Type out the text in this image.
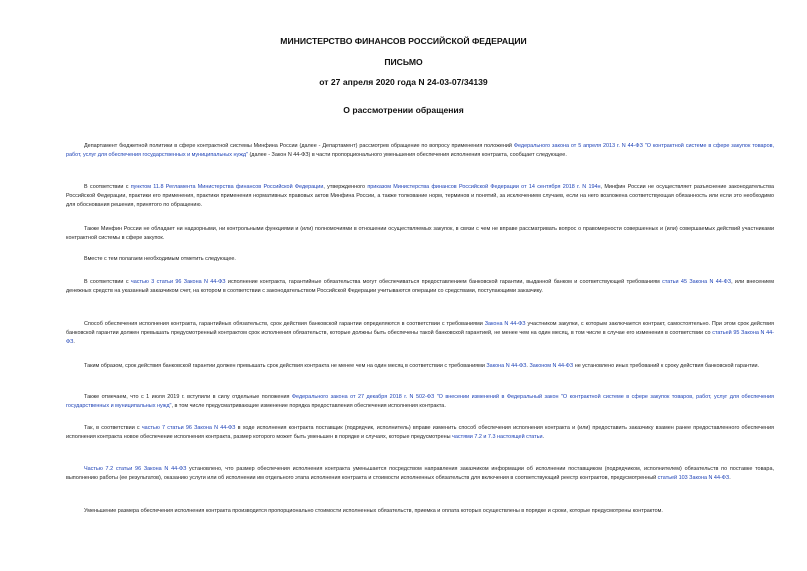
МИНИСТЕРСТВО ФИНАНСОВ РОССИЙСКОЙ ФЕДЕРАЦИИ
ПИСЬМО
от 27 апреля 2020 года N 24-03-07/34139
О рассмотрении обращения
Департамент бюджетной политики в сфере контрактной системы Минфина России (далее - Департамент) рассмотрев обращение по вопросу применения положений Федерального закона от 5 апреля 2013 г. N 44-ФЗ "О контрактной системе в сфере закупок товаров, работ, услуг для обеспечения государственных и муниципальных нужд" (далее - Закон N 44-ФЗ) в части пропорционального уменьшения обеспечения исполнения контракта, сообщает следующее.
В соответствии с пунктом 11.8 Регламента Министерства финансов Российской Федерации, утвержденного приказом Министерства финансов Российской Федерации от 14 сентября 2018 г. N 194н, Минфин России не осуществляет разъяснение законодательства Российской Федерации, практики его применения, практики применения нормативных правовых актов Минфина России, а также толкование норм, терминов и понятий, за исключением случаев, если на него возложена соответствующая обязанность или если это необходимо для обоснования решения, принятого по обращению.
Также Минфин России не обладает ни надзорными, ни контрольными функциями и (или) полномочиями в отношении осуществляемых закупок, в связи с чем не вправе рассматривать вопрос о правомерности совершенных и (или) совершаемых действий участниками контрактной системы в сфере закупок.
Вместе с тем полагаем необходимым отметить следующее.
В соответствии с частью 3 статьи 96 Закона N 44-ФЗ исполнение контракта, гарантийные обязательства могут обеспечиваться предоставлением банковской гарантии, выданной банком и соответствующей требованиям статьи 45 Закона N 44-ФЗ, или внесением денежных средств на указанный заказчиком счет, на котором в соответствии с законодательством Российской Федерации учитываются операции со средствами, поступающими заказчику.
Способ обеспечения исполнения контракта, гарантийных обязательств, срок действия банковской гарантии определяются в соответствии с требованиями Закона N 44-ФЗ участником закупки, с которым заключается контракт, самостоятельно. При этом срок действия банковской гарантии должен превышать предусмотренный контрактом срок исполнения обязательств, которые должны быть обеспечены такой банковской гарантией, не менее чем на один месяц, в том числе в случае его изменения в соответствии со статьей 95 Закона N 44-ФЗ.
Таким образом, срок действия банковской гарантии должен превышать срок действия контракта не менее чем на один месяц в соответствии с требованиями Закона N 44-ФЗ. Законом N 44-ФЗ не установлено иных требований к сроку действия банковской гарантии.
Также отмечаем, что с 1 июля 2019 г. вступили в силу отдельные положения Федерального закона от 27 декабря 2018 г. N 502-ФЗ "О внесении изменений в Федеральный закон "О контрактной системе в сфере закупок товаров, работ, услуг для обеспечения государственных и муниципальных нужд", в том числе предусматривающие изменение порядка предоставления обеспечения исполнения контракта.
Так, в соответствии с частью 7 статьи 96 Закона N 44-ФЗ в ходе исполнения контракта поставщик (подрядчик, исполнитель) вправе изменить способ обеспечения исполнения контракта и (или) предоставить заказчику взамен ранее предоставленного обеспечения исполнения контракта новое обеспечение исполнения контракта, размер которого может быть уменьшен в порядке и случаях, которые предусмотрены частями 7.2 и 7.3 настоящей статьи.
Частью 7.2 статьи 96 Закона N 44-ФЗ установлено, что размер обеспечения исполнения контракта уменьшается посредством направления заказчиком информации об исполнении поставщиком (подрядчиком, исполнителем) обязательств по поставке товара, выполнению работы (ее результатов), оказанию услуги или об исполнении им отдельного этапа исполнения контракта и стоимости исполненных обязательств для включения в соответствующий реестр контрактов, предусмотренный статьей 103 Закона N 44-ФЗ.
Уменьшение размера обеспечения исполнения контракта производится пропорционально стоимости исполненных обязательств, приемка и оплата которых осуществлены в порядке и сроки, которые предусмотрены контрактом.
